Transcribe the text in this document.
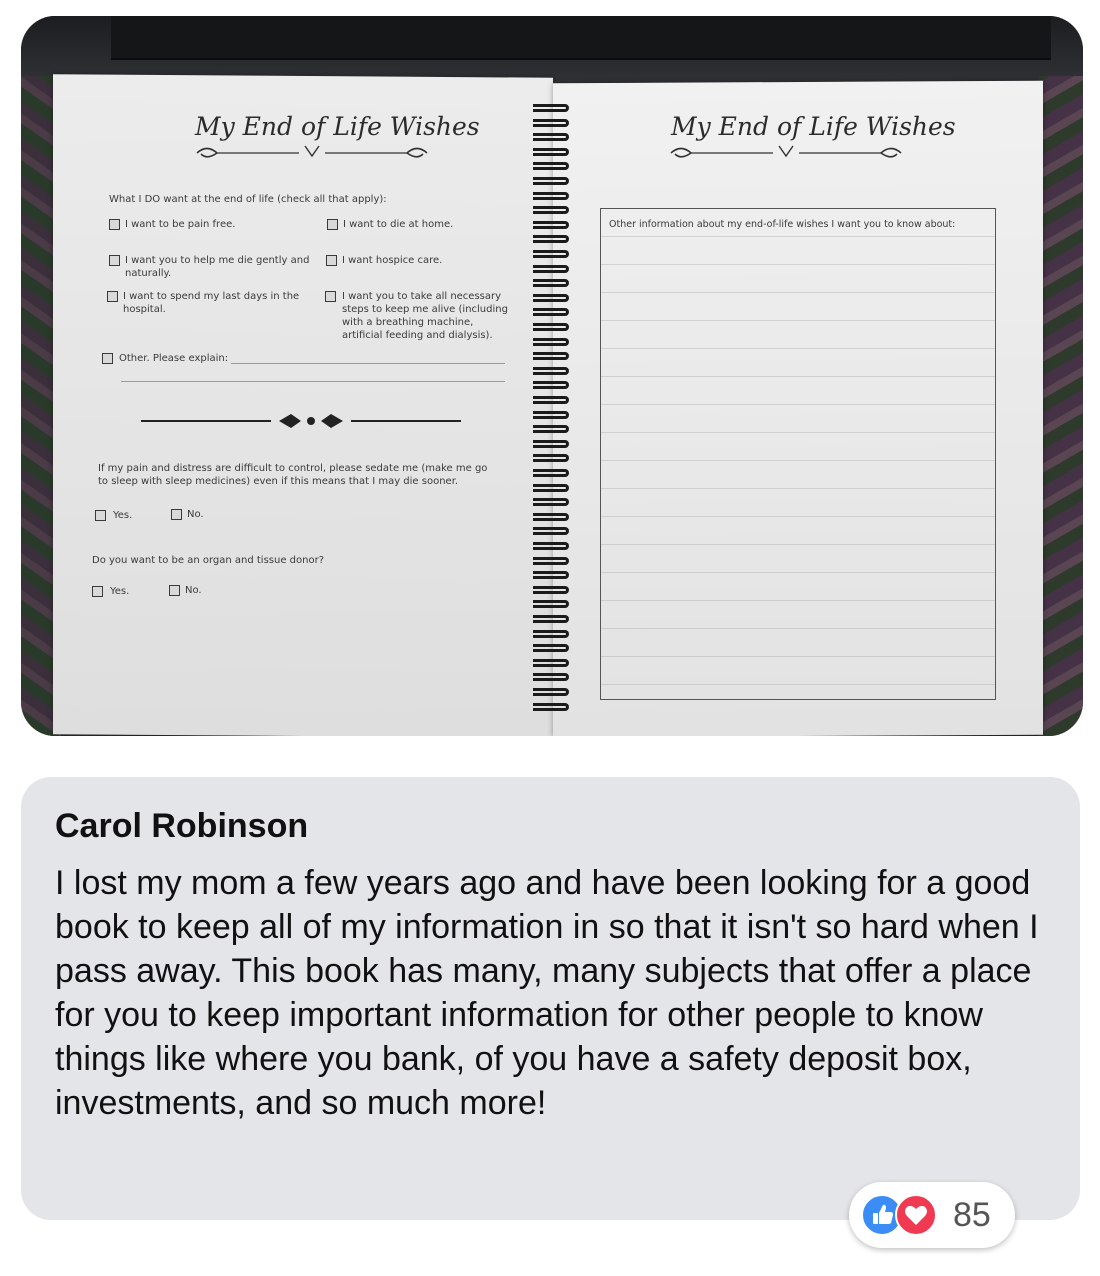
My End of Life Wishes
What I DO want at the end of life (check all that apply):
I want to be pain free.	I want to die at home.
I want you to help me die gently and naturally.
I want hospice care.
I want to spend my last days in the hospital.
I want you to take all necessary steps to keep me alive (including with a breathing machine, artificial feeding and dialysis).
Other. Please explain:
If my pain and distress are difficult to control, please sedate me (make me go to sleep with sleep medicines) even if this means that I may die sooner.
Yes.	No.
Do you want to be an organ and tissue donor?
Yes.	No.
My End of Life Wishes
Other information about my end-of-life wishes I want you to know about:
Carol Robinson
I lost my mom a few years ago and have been looking for a good book to keep all of my information in so that it isn't so hard when I pass away. This book has many, many subjects that offer a place for you to keep important information for other people to know things like where you bank, of you have a safety deposit box, investments, and so much more!
85
